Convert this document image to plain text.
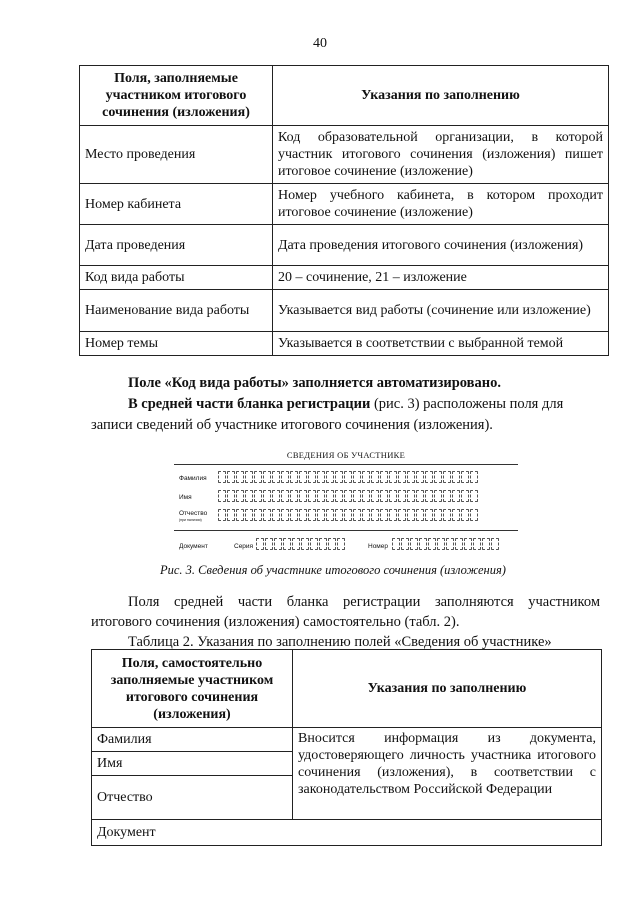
40
Поля, заполняемые участником итогового сочинения (изложения)	Указания по заполнению
Место проведения	Код образовательной организации, в которой участник итогового сочинения (изложения) пишет итоговое сочинение (изложение)
Номер кабинета	Номер учебного кабинета, в котором проходит итоговое сочинение (изложение)
Дата проведения	Дата проведения итогового сочинения (изложения)
Код вида работы	20 – сочинение, 21 – изложение
Наименование вида работы	Указывается вид работы (сочинение или изложение)
Номер темы	Указывается в соответствии с выбранной темой
Поле «Код вида работы» заполняется автоматизировано.
В средней части бланка регистрации (рис. 3) расположены поля для
записи сведений об участнике итогового сочинения (изложения).
СВЕДЕНИЯ ОБ УЧАСТНИКЕ
Фамилия
Имя
Отчество
(при наличии)
Документ	Серия	Номер
Рис. 3. Сведения об участнике итогового сочинения (изложения)
Поля средней части бланка регистрации заполняются участником
итогового сочинения (изложения) самостоятельно (табл. 2).
Таблица 2. Указания по заполнению полей «Сведения об участнике»
Поля, самостоятельно заполняемые участником итогового сочинения (изложения)	Указания по заполнению
Фамилия	Вносится информация из документа, удостоверяющего личность участника итогового сочинения (изложения), в соответствии с законодательством Российской Федерации
Имя	
Отчество	
Документ	
